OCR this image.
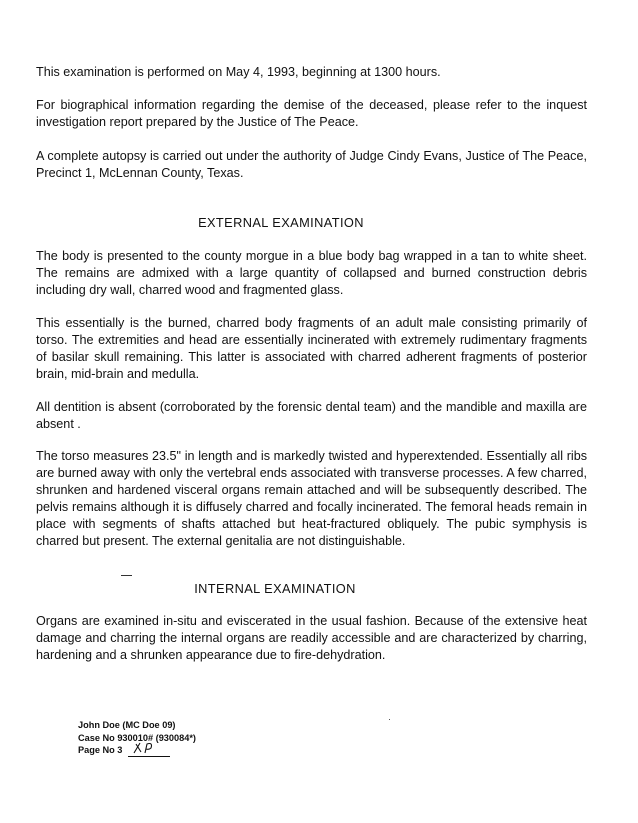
This examination is performed on May 4, 1993, beginning at 1300 hours.

For biographical information regarding the demise of the deceased, please refer to the inquest investigation report prepared by the Justice of The Peace.

A complete autopsy is carried out under the authority of Judge Cindy Evans, Justice of The Peace, Precinct 1, McLennan County, Texas.

EXTERNAL EXAMINATION

The body is presented to the county morgue in a blue body bag wrapped in a tan to white sheet. The remains are admixed with a large quantity of collapsed and burned construction debris including dry wall, charred wood and fragmented glass.

This essentially is the burned, charred body fragments of an adult male consisting primarily of torso. The extremities and head are essentially incinerated with extremely rudimentary fragments of basilar skull remaining. This latter is associated with charred adherent fragments of posterior brain, mid-brain and medulla.

All dentition is absent (corroborated by the forensic dental team) and the mandible and maxilla are absent .

The torso measures 23.5" in length and is markedly twisted and hyperextended. Essentially all ribs are burned away with only the vertebral ends associated with transverse processes. A few charred, shrunken and hardened visceral organs remain attached and will be subsequently described. The pelvis remains although it is diffusely charred and focally incinerated. The femoral heads remain in place with segments of shafts attached but heat-fractured obliquely. The pubic symphysis is charred but present. The external genitalia are not distinguishable.

INTERNAL EXAMINATION

Organs are examined in-situ and eviscerated in the usual fashion. Because of the extensive heat damage and charring the internal organs are readily accessible and are characterized by charring, hardening and a shrunken appearance due to fire-dehydration.

John Doe (MC Doe 09)
Case No 930010# (930084*)
Page No 3
